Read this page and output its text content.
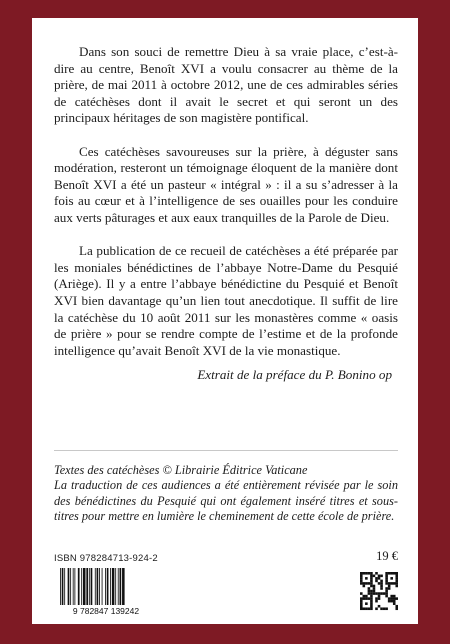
Dans son souci de remettre Dieu à sa vraie place, c’est-à-dire au centre, Benoît XVI a voulu consacrer au thème de la prière, de mai 2011 à octobre 2012, une de ces admirables séries de catéchèses dont il avait le secret et qui seront un des principaux héritages de son magistère pontifical.

Ces catéchèses savoureuses sur la prière, à déguster sans modération, resteront un témoignage éloquent de la manière dont Benoît XVI a été un pasteur « intégral » : il a su s’adresser à la fois au cœur et à l’intelligence de ses ouailles pour les conduire aux verts pâturages et aux eaux tranquilles de la Parole de Dieu.

La publication de ce recueil de catéchèses a été préparée par les moniales bénédictines de l’abbaye Notre-Dame du Pesquié (Ariège). Il y a entre l’abbaye bénédictine du Pesquié et Benoît XVI bien davantage qu’un lien tout anecdotique. Il suffit de lire la catéchèse du 10 août 2011 sur les monastères comme « oasis de prière » pour se rendre compte de l’estime et de la profonde intelligence qu’avait Benoît XVI de la vie monastique.

Extrait de la préface du P. Bonino op

Textes des catéchèses © Librairie Éditrice Vaticane

La traduction de ces audiences a été entièrement révisée par le soin des bénédictines du Pesquié qui ont également inséré titres et sous-titres pour mettre en lumière le cheminement de cette école de prière.

ISBN 978284713-924-2	19 €
9 782847 139242
